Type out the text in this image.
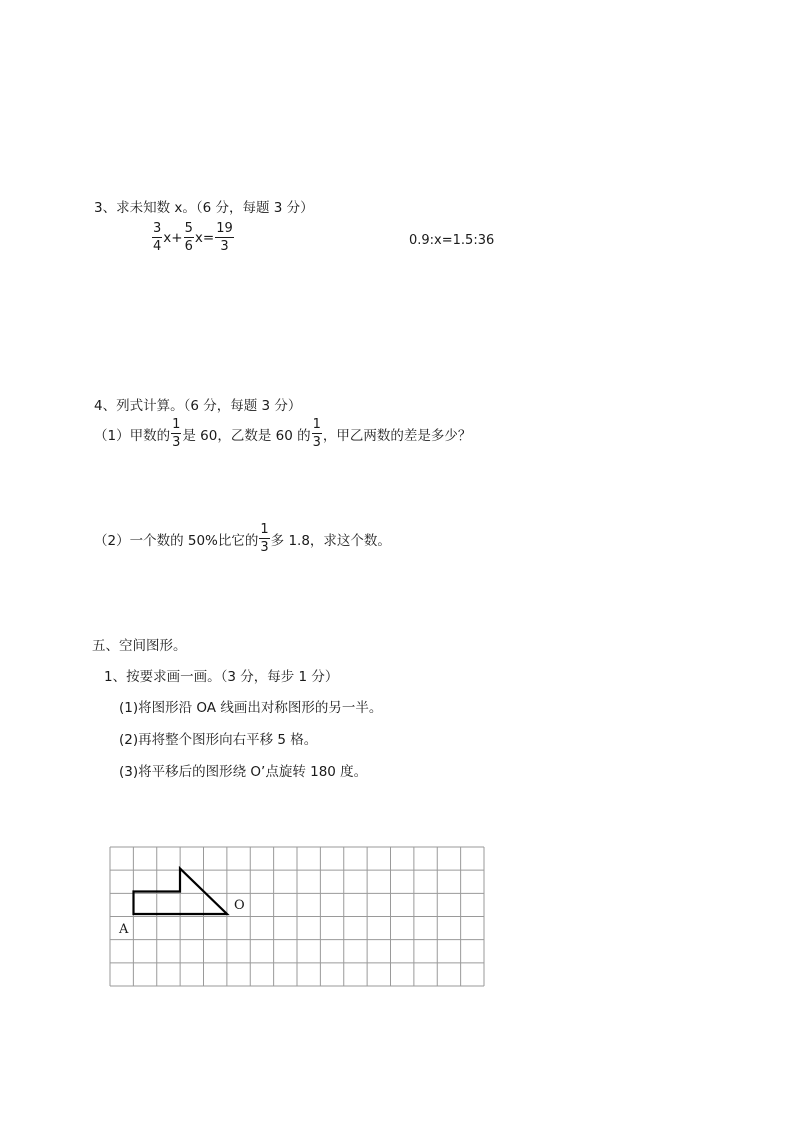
3、求未知数 x。（6 分，每题 3 分）
$\frac{3}{4} x+ \frac{5}{6} x= \frac{19}{3}$	0.9:x=1.5:36
4、列式计算。（6 分，每题 3 分）
（1）甲数的 $\frac{1}{3}$ 是 60，乙数是 60 的 $\frac{1}{3}$ ，甲乙两数的差是多少？
（2）一个数的 50%比它的 $\frac{1}{3}$ 多 1.8，求这个数。
五、空间图形。
1、按要求画一画。（3 分，每步 1 分）
(1)将图形沿 OA 线画出对称图形的另一半。
(2)再将整个图形向右平移 5 格。
(3)将平移后的图形绕 O’点旋转 180 度。
O
A
